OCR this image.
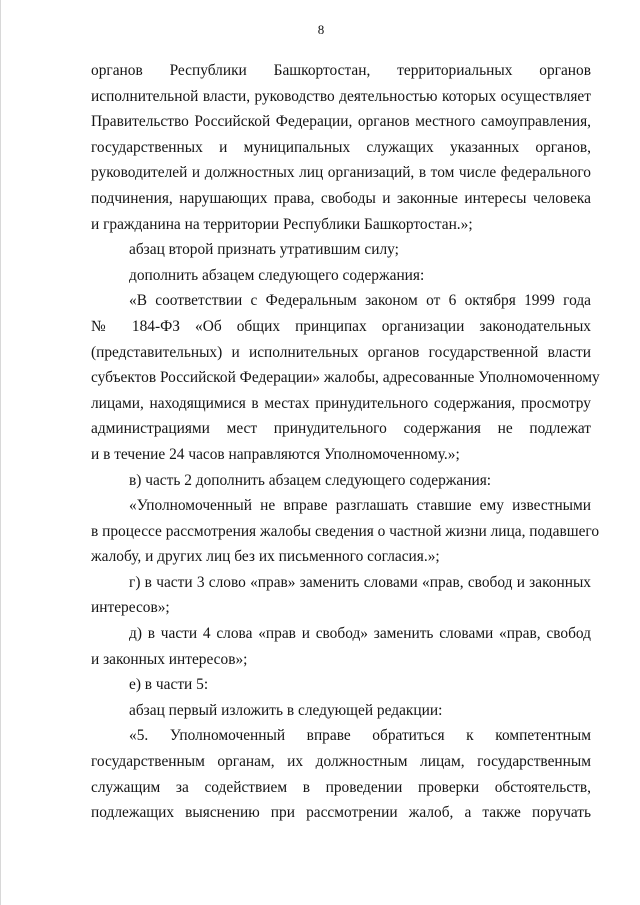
8
органов Республики Башкортостан, территориальных органов
исполнительной власти, руководство деятельностью которых осуществляет
Правительство Российской Федерации, органов местного самоуправления,
государственных и муниципальных служащих указанных органов,
руководителей и должностных лиц организаций, в том числе федерального
подчинения, нарушающих права, свободы и законные интересы человека
и гражданина на территории Республики Башкортостан.»;
абзац второй признать утратившим силу;
дополнить абзацем следующего содержания:
«В соответствии с Федеральным законом от 6 октября 1999 года
№ 184-ФЗ «Об общих принципах организации законодательных
(представительных) и исполнительных органов государственной власти
субъектов Российской Федерации» жалобы, адресованные Уполномоченному
лицами, находящимися в местах принудительного содержания, просмотру
администрациями мест принудительного содержания не подлежат
и в течение 24 часов направляются Уполномоченному.»;
в) часть 2 дополнить абзацем следующего содержания:
«Уполномоченный не вправе разглашать ставшие ему известными
в процессе рассмотрения жалобы сведения о частной жизни лица, подавшего
жалобу, и других лиц без их письменного согласия.»;
г) в части 3 слово «прав» заменить словами «прав, свобод и законных
интересов»;
д) в части 4 слова «прав и свобод» заменить словами «прав, свобод
и законных интересов»;
е) в части 5:
абзац первый изложить в следующей редакции:
«5. Уполномоченный вправе обратиться к компетентным
государственным органам, их должностным лицам, государственным
служащим за содействием в проведении проверки обстоятельств,
подлежащих выяснению при рассмотрении жалоб, а также поручать
